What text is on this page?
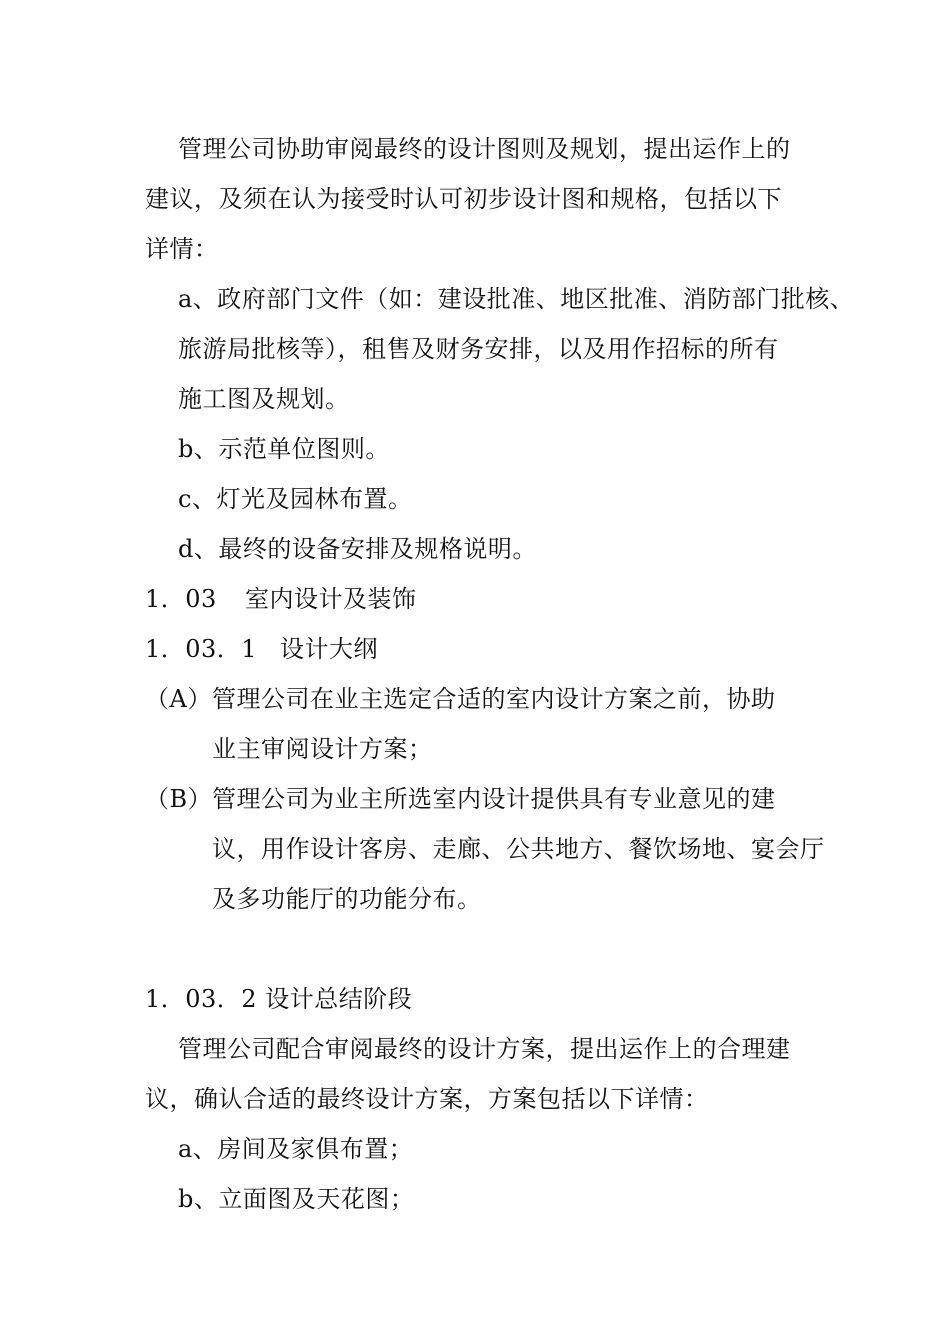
管理公司协助审阅最终的设计图则及规划，提出运作上的
建议，及须在认为接受时认可初步设计图和规格，包括以下
详情：
a、政府部门文件（如：建设批准、地区批准、消防部门批核、
旅游局批核等），租售及财务安排，以及用作招标的所有
施工图及规划。
b、示范单位图则。
c、灯光及园林布置。
d、最终的设备安排及规格说明。
1．03 室内设计及装饰
1．03．1 设计大纲
（A） 管理公司在业主选定合适的室内设计方案之前，协助
业主审阅设计方案；
（B） 管理公司为业主所选室内设计提供具有专业意见的建
议，用作设计客房、走廊、公共地方、餐饮场地、宴会厅
及多功能厅的功能分布。
1．03．2 设计总结阶段
管理公司配合审阅最终的设计方案，提出运作上的合理建
议，确认合适的最终设计方案，方案包括以下详情：
a、房间及家俱布置；
b、立面图及天花图；
